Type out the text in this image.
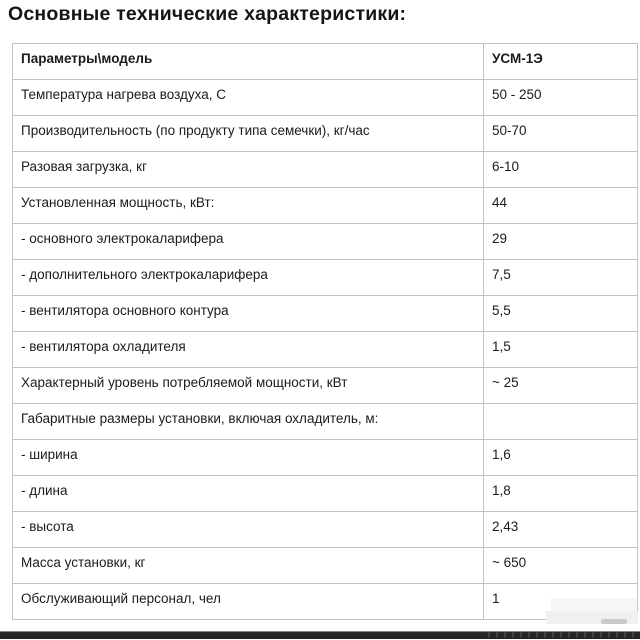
Основные технические характеристики:
Параметры\модель	УСМ-1Э
Температура нагрева воздуха, С	50 - 250
Производительность (по продукту типа семечки), кг/час	50-70
Разовая загрузка, кг	6-10
Установленная мощность, кВт:	44
- основного электрокаларифера	29
- дополнительного электрокаларифера	7,5
- вентилятора основного контура	5,5
- вентилятора охладителя	1,5
Характерный уровень потребляемой мощности, кВт	~ 25
Габаритные размеры установки, включая охладитель, м:	
- ширина	1,6
- длина	1,8
- высота	2,43
Масса установки, кг	~ 650
Обслуживающий персонал, чел	1
